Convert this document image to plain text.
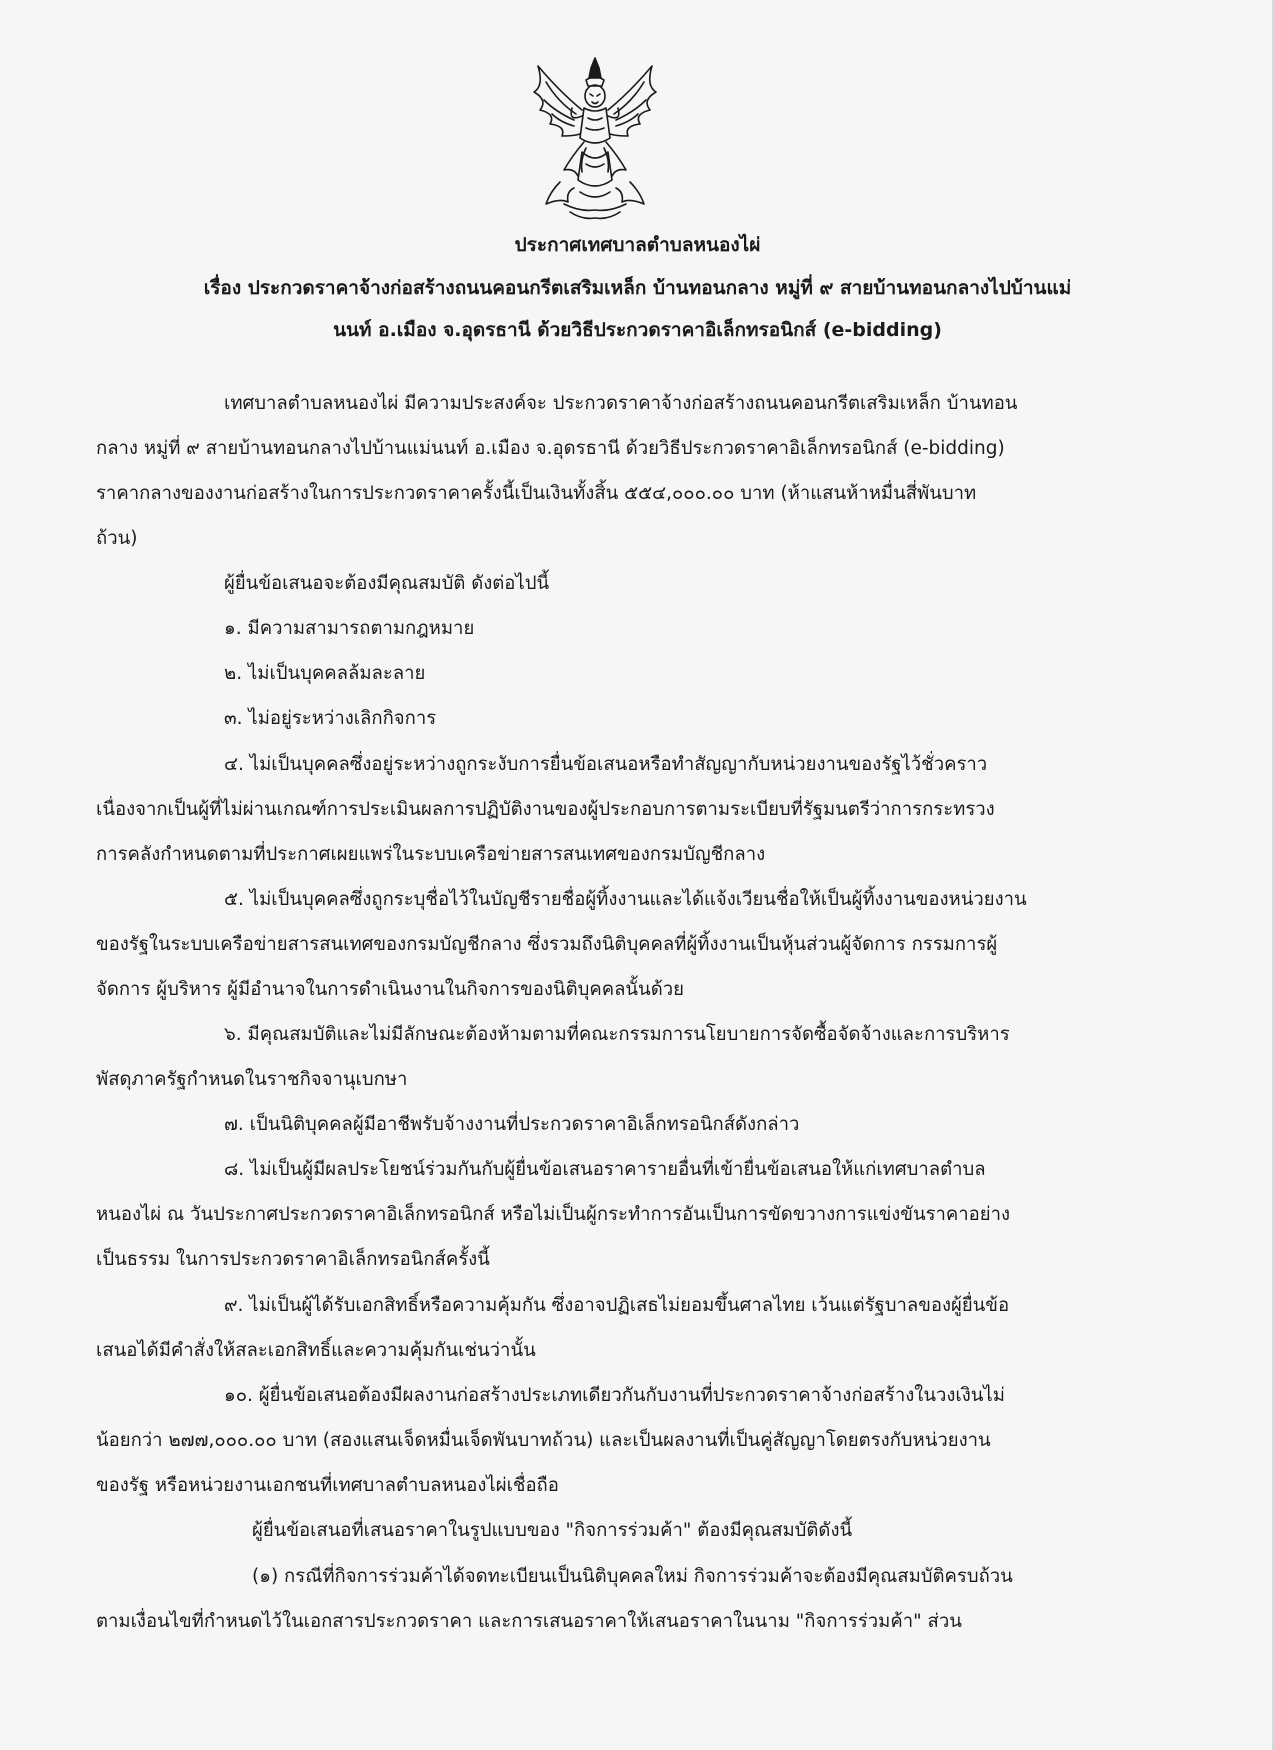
ประกาศเทศบาลตำบลหนองไผ่
เรื่อง ประกวดราคาจ้างก่อสร้างถนนคอนกรีตเสริมเหล็ก บ้านทอนกลาง หมู่ที่ ๙ สายบ้านทอนกลางไปบ้านแม่
นนท์ อ.เมือง จ.อุดรธานี ด้วยวิธีประกวดราคาอิเล็กทรอนิกส์ (e-bidding)
เทศบาลตำบลหนองไผ่ มีความประสงค์จะ ประกวดราคาจ้างก่อสร้างถนนคอนกรีตเสริมเหล็ก บ้านทอน
กลาง หมู่ที่ ๙ สายบ้านทอนกลางไปบ้านแม่นนท์ อ.เมือง จ.อุดรธานี ด้วยวิธีประกวดราคาอิเล็กทรอนิกส์ (e-bidding)
ราคากลางของงานก่อสร้างในการประกวดราคาครั้งนี้เป็นเงินทั้งสิ้น ๕๕๔,๐๐๐.๐๐ บาท (ห้าแสนห้าหมื่นสี่พันบาท
ถ้วน)
ผู้ยื่นข้อเสนอจะต้องมีคุณสมบัติ ดังต่อไปนี้
๑. มีความสามารถตามกฎหมาย
๒. ไม่เป็นบุคคลล้มละลาย
๓. ไม่อยู่ระหว่างเลิกกิจการ
๔. ไม่เป็นบุคคลซึ่งอยู่ระหว่างถูกระงับการยื่นข้อเสนอหรือทำสัญญากับหน่วยงานของรัฐไว้ชั่วคราว
เนื่องจากเป็นผู้ที่ไม่ผ่านเกณฑ์การประเมินผลการปฏิบัติงานของผู้ประกอบการตามระเบียบที่รัฐมนตรีว่าการกระทรวง
การคลังกำหนดตามที่ประกาศเผยแพร่ในระบบเครือข่ายสารสนเทศของกรมบัญชีกลาง
๕. ไม่เป็นบุคคลซึ่งถูกระบุชื่อไว้ในบัญชีรายชื่อผู้ทิ้งงานและได้แจ้งเวียนชื่อให้เป็นผู้ทิ้งงานของหน่วยงาน
ของรัฐในระบบเครือข่ายสารสนเทศของกรมบัญชีกลาง ซึ่งรวมถึงนิติบุคคลที่ผู้ทิ้งงานเป็นหุ้นส่วนผู้จัดการ กรรมการผู้
จัดการ ผู้บริหาร ผู้มีอำนาจในการดำเนินงานในกิจการของนิติบุคคลนั้นด้วย
๖. มีคุณสมบัติและไม่มีลักษณะต้องห้ามตามที่คณะกรรมการนโยบายการจัดซื้อจัดจ้างและการบริหาร
พัสดุภาครัฐกำหนดในราชกิจจานุเบกษา
๗. เป็นนิติบุคคลผู้มีอาชีพรับจ้างงานที่ประกวดราคาอิเล็กทรอนิกส์ดังกล่าว
๘. ไม่เป็นผู้มีผลประโยชน์ร่วมกันกับผู้ยื่นข้อเสนอราคารายอื่นที่เข้ายื่นข้อเสนอให้แก่เทศบาลตำบล
หนองไผ่ ณ วันประกาศประกวดราคาอิเล็กทรอนิกส์ หรือไม่เป็นผู้กระทำการอันเป็นการขัดขวางการแข่งขันราคาอย่าง
เป็นธรรม ในการประกวดราคาอิเล็กทรอนิกส์ครั้งนี้
๙. ไม่เป็นผู้ได้รับเอกสิทธิ์หรือความคุ้มกัน ซึ่งอาจปฏิเสธไม่ยอมขึ้นศาลไทย เว้นแต่รัฐบาลของผู้ยื่นข้อ
เสนอได้มีคำสั่งให้สละเอกสิทธิ์และความคุ้มกันเช่นว่านั้น
๑๐. ผู้ยื่นข้อเสนอต้องมีผลงานก่อสร้างประเภทเดียวกันกับงานที่ประกวดราคาจ้างก่อสร้างในวงเงินไม่
น้อยกว่า ๒๗๗,๐๐๐.๐๐ บาท (สองแสนเจ็ดหมื่นเจ็ดพันบาทถ้วน) และเป็นผลงานที่เป็นคู่สัญญาโดยตรงกับหน่วยงาน
ของรัฐ หรือหน่วยงานเอกชนที่เทศบาลตำบลหนองไผ่เชื่อถือ
ผู้ยื่นข้อเสนอที่เสนอราคาในรูปแบบของ "กิจการร่วมค้า" ต้องมีคุณสมบัติดังนี้
(๑) กรณีที่กิจการร่วมค้าได้จดทะเบียนเป็นนิติบุคคลใหม่ กิจการร่วมค้าจะต้องมีคุณสมบัติครบถ้วน
ตามเงื่อนไขที่กำหนดไว้ในเอกสารประกวดราคา และการเสนอราคาให้เสนอราคาในนาม "กิจการร่วมค้า" ส่วน
